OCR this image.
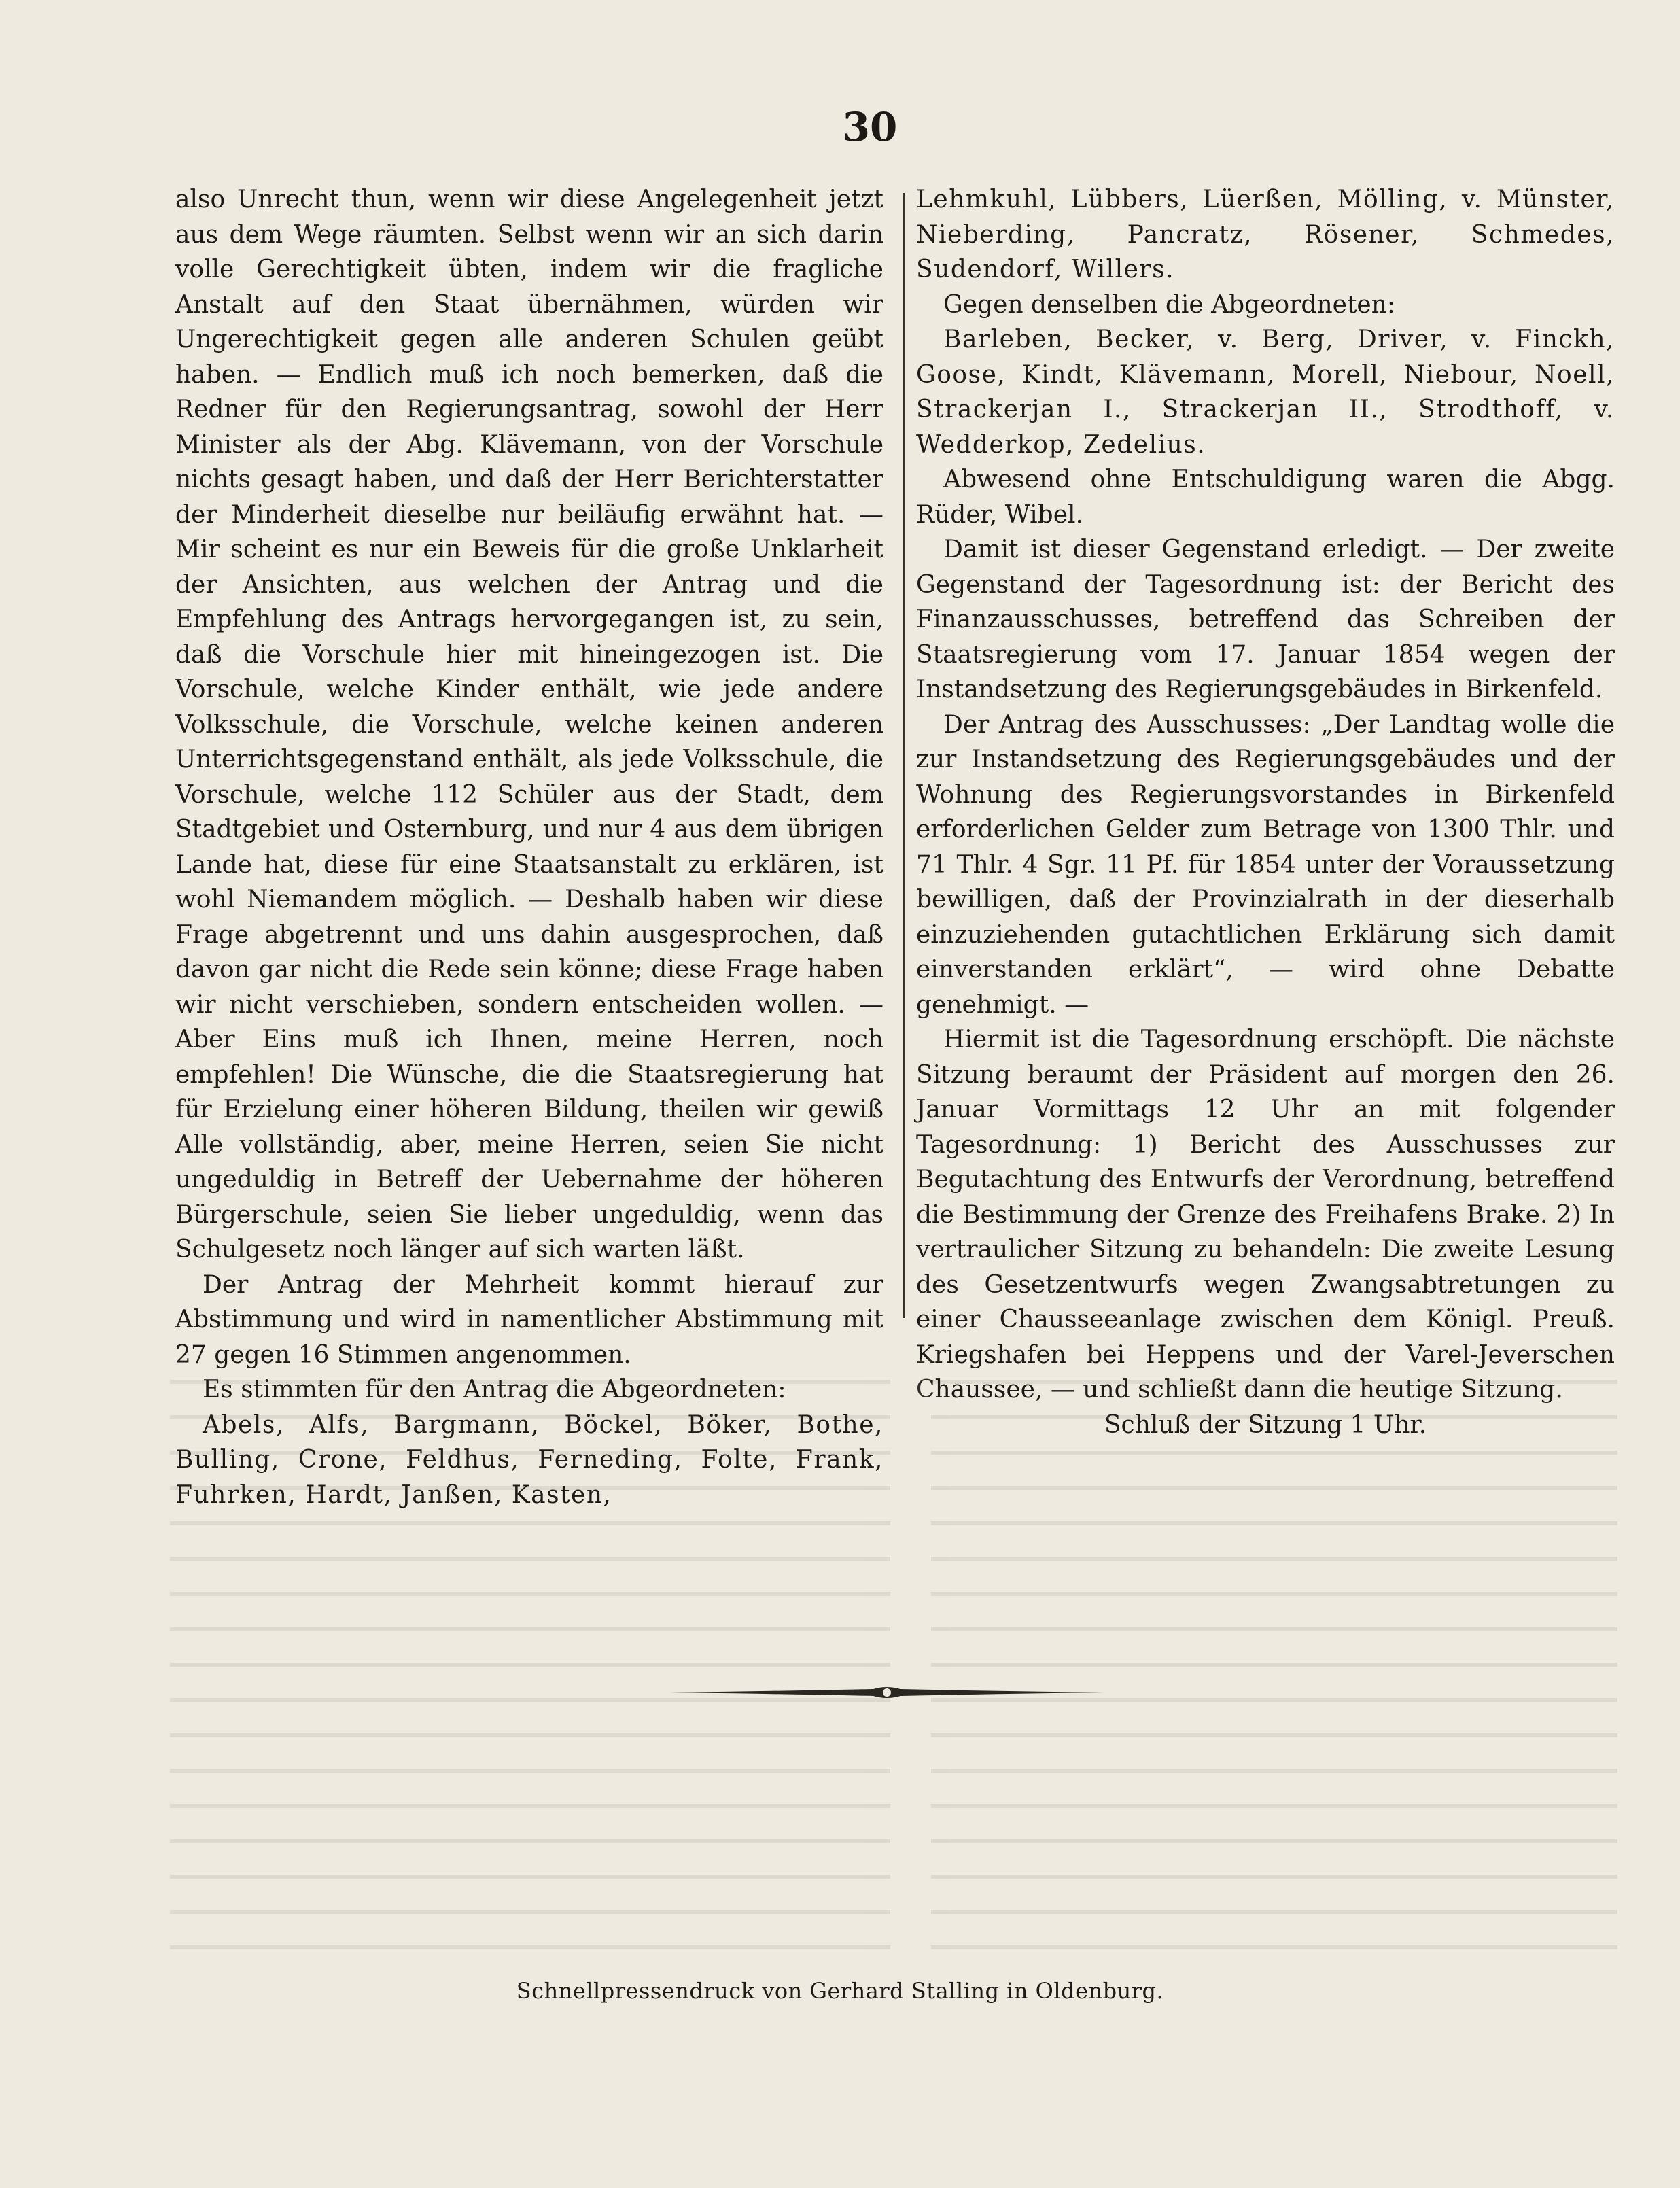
30

also Unrecht thun, wenn wir diese Angelegenheit jetzt aus dem Wege räumten. Selbst wenn wir an sich darin volle Gerechtigkeit übten, indem wir die fragliche Anstalt auf den Staat übernähmen, würden wir Ungerechtigkeit gegen alle anderen Schulen geübt haben. — Endlich muß ich noch bemerken, daß die Redner für den Regierungsantrag, sowohl der Herr Minister als der Abg. Klävemann, von der Vorschule nichts gesagt haben, und daß der Herr Berichterstatter der Minderheit dieselbe nur beiläufig erwähnt hat. — Mir scheint es nur ein Beweis für die große Unklarheit der Ansichten, aus welchen der Antrag und die Empfehlung des Antrags hervorgegangen ist, zu sein, daß die Vorschule hier mit hineingezogen ist. Die Vorschule, welche Kinder enthält, wie jede andere Volksschule, die Vorschule, welche keinen anderen Unterrichtsgegenstand enthält, als jede Volksschule, die Vorschule, welche 112 Schüler aus der Stadt, dem Stadtgebiet und Osternburg, und nur 4 aus dem übrigen Lande hat, diese für eine Staatsanstalt zu erklären, ist wohl Niemandem möglich. — Deshalb haben wir diese Frage abgetrennt und uns dahin ausgesprochen, daß davon gar nicht die Rede sein könne; diese Frage haben wir nicht verschieben, sondern entscheiden wollen. — Aber Eins muß ich Ihnen, meine Herren, noch empfehlen! Die Wünsche, die die Staatsregierung hat für Erzielung einer höheren Bildung, theilen wir gewiß Alle vollständig, aber, meine Herren, seien Sie nicht ungeduldig in Betreff der Uebernahme der höheren Bürgerschule, seien Sie lieber ungeduldig, wenn das Schulgesetz noch länger auf sich warten läßt.

Der Antrag der Mehrheit kommt hierauf zur Abstimmung und wird in namentlicher Abstimmung mit 27 gegen 16 Stimmen angenommen.

Es stimmten für den Antrag die Abgeordneten:

Abels, Alfs, Bargmann, Böckel, Böker, Bothe, Bulling, Crone, Feldhus, Ferneding, Folte, Frank, Fuhrken, Hardt, Janßen, Kasten,

Lehmkuhl, Lübbers, Lüerßen, Mölling, v. Münster, Nieberding, Pancratz, Rösener, Schmedes, Sudendorf, Willers.

Gegen denselben die Abgeordneten:

Barleben, Becker, v. Berg, Driver, v. Finckh, Goose, Kindt, Klävemann, Morell, Niebour, Noell, Strackerjan I., Strackerjan II., Strodthoff, v. Wedderkop, Zedelius.

Abwesend ohne Entschuldigung waren die Abgg. Rüder, Wibel.

Damit ist dieser Gegenstand erledigt. — Der zweite Gegenstand der Tagesordnung ist: der Bericht des Finanzausschusses, betreffend das Schreiben der Staatsregierung vom 17. Januar 1854 wegen der Instandsetzung des Regierungsgebäudes in Birkenfeld.

Der Antrag des Ausschusses: „Der Landtag wolle die zur Instandsetzung des Regierungsgebäudes und der Wohnung des Regierungsvorstandes in Birkenfeld erforderlichen Gelder zum Betrage von 1300 Thlr. und 71 Thlr. 4 Sgr. 11 Pf. für 1854 unter der Voraussetzung bewilligen, daß der Provinzialrath in der dieserhalb einzuziehenden gutachtlichen Erklärung sich damit einverstanden erklärt“, — wird ohne Debatte genehmigt. —

Hiermit ist die Tagesordnung erschöpft. Die nächste Sitzung beraumt der Präsident auf morgen den 26. Januar Vormittags 12 Uhr an mit folgender Tagesordnung: 1) Bericht des Ausschusses zur Begutachtung des Entwurfs der Verordnung, betreffend die Bestimmung der Grenze des Freihafens Brake. 2) In vertraulicher Sitzung zu behandeln: Die zweite Lesung des Gesetzentwurfs wegen Zwangsabtretungen zu einer Chausseeanlage zwischen dem Königl. Preuß. Kriegshafen bei Heppens und der Varel-Jeverschen Chaussee, — und schließt dann die heutige Sitzung.

Schluß der Sitzung 1 Uhr.

Schnellpressendruck von Gerhard Stalling in Oldenburg.
